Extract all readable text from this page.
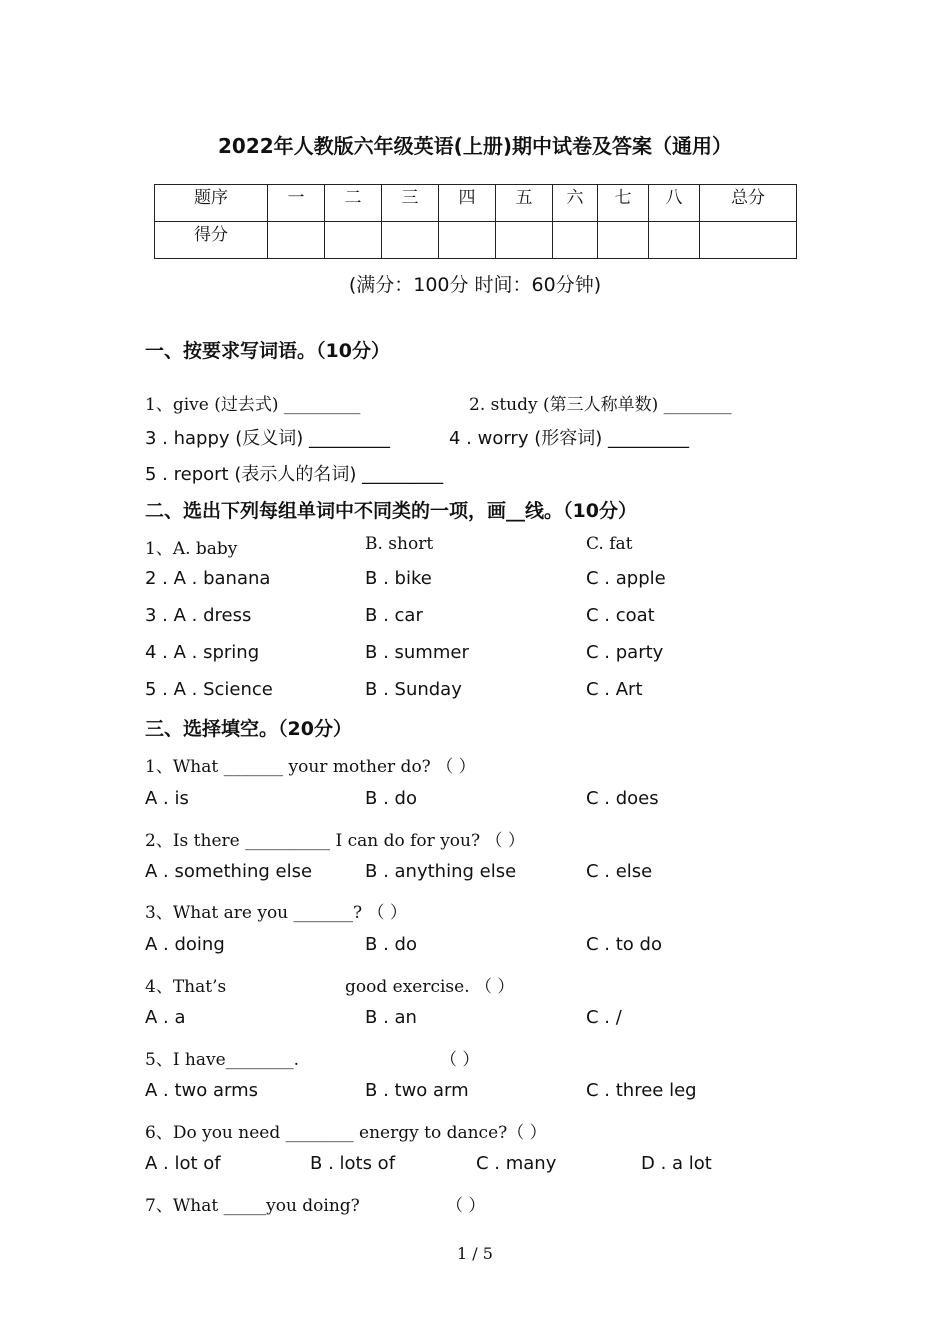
2022年人教版六年级英语(上册)期中试卷及答案（通用）
题序	一	二	三	四	五	六	七	八	总分
得分									
(满分：100分 时间：60分钟)
一、按要求写词语。（10分）
1、give (过去式) _________	2. study (第三人称单数) ________
3 . happy (反义词) _________	4 . worry (形容词) _________
5 . report (表示人的名词) _________
二、选出下列每组单词中不同类的一项，画__线。（10分）
1、A. baby	B. short	C. fat
2 . A . banana	B . bike	C . apple
3 . A . dress	B . car	C . coat
4 . A . spring	B . summer	C . party
5 . A . Science	B . Sunday	C . Art
三、选择填空。（20分）
1、What _______ your mother do? （ ）
A . is	B . do	C . does
2、Is there __________ I can do for you? （ ）
A . something else	B . anything else	C . else
3、What are you _______? （ ）
A . doing	B . do	C . to do
4、That’s	good exercise. （ ）
A . a	B . an	C . /
5、I have________.	（ ）
A . two arms	B . two arm	C . three leg
6、Do you need ________ energy to dance?（ ）
A . lot of	B . lots of	C . many	D . a lot
7、What _____you doing?	（ ）
1 / 5
